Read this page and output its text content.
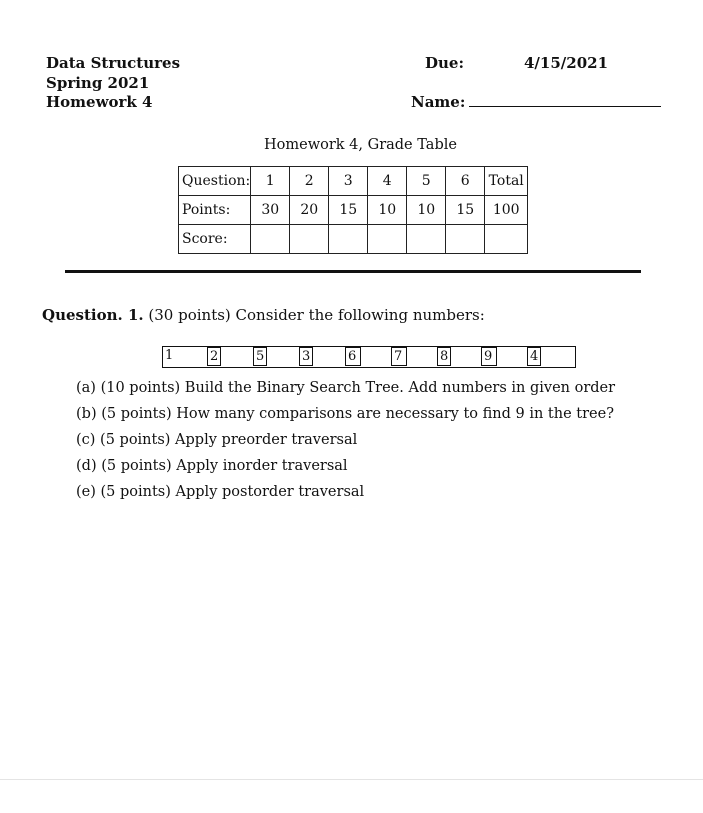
Data Structures
Spring 2021
Homework 4
Due:	4/15/2021
Name:
Homework 4, Grade Table
Question:	1	2	3	4	5	6	Total
Points:	30	20	15	10	10	15	100
Score:							
Question. 1. (30 points) Consider the following numbers:
1	2	5	3	6	7	8	9	4
(a) (10 points) Build the Binary Search Tree. Add numbers in given order
(b) (5 points) How many comparisons are necessary to find 9 in the tree?
(c) (5 points) Apply preorder traversal
(d) (5 points) Apply inorder traversal
(e) (5 points) Apply postorder traversal
